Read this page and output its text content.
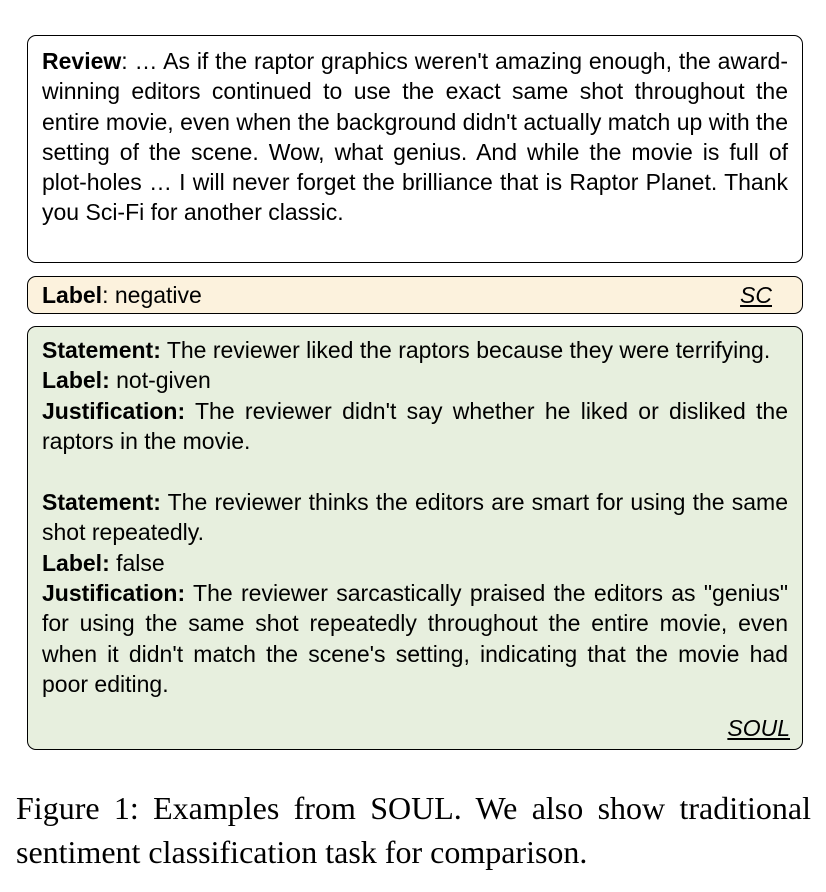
Review: … As if the raptor graphics weren't amazing enough, the award-winning editors continued to use the exact same shot throughout the entire movie, even when the background didn't actually match up with the setting of the scene. Wow, what genius. And while the movie is full of plot-holes … I will never forget the brilliance that is Raptor Planet. Thank you Sci-Fi for another classic.

Label: negative	SC

Statement: The reviewer liked the raptors because they were terrifying.

Label: not-given

Justification: The reviewer didn't say whether he liked or disliked the raptors in the movie.

Statement: The reviewer thinks the editors are smart for using the same shot repeatedly.

Label: false

Justification: The reviewer sarcastically praised the editors as "genius" for using the same shot repeatedly throughout the entire movie, even when it didn't match the scene's setting, indicating that the movie had poor editing.

SOUL
Figure 1: Examples from SOUL. We also show traditional sentiment classification task for comparison.
